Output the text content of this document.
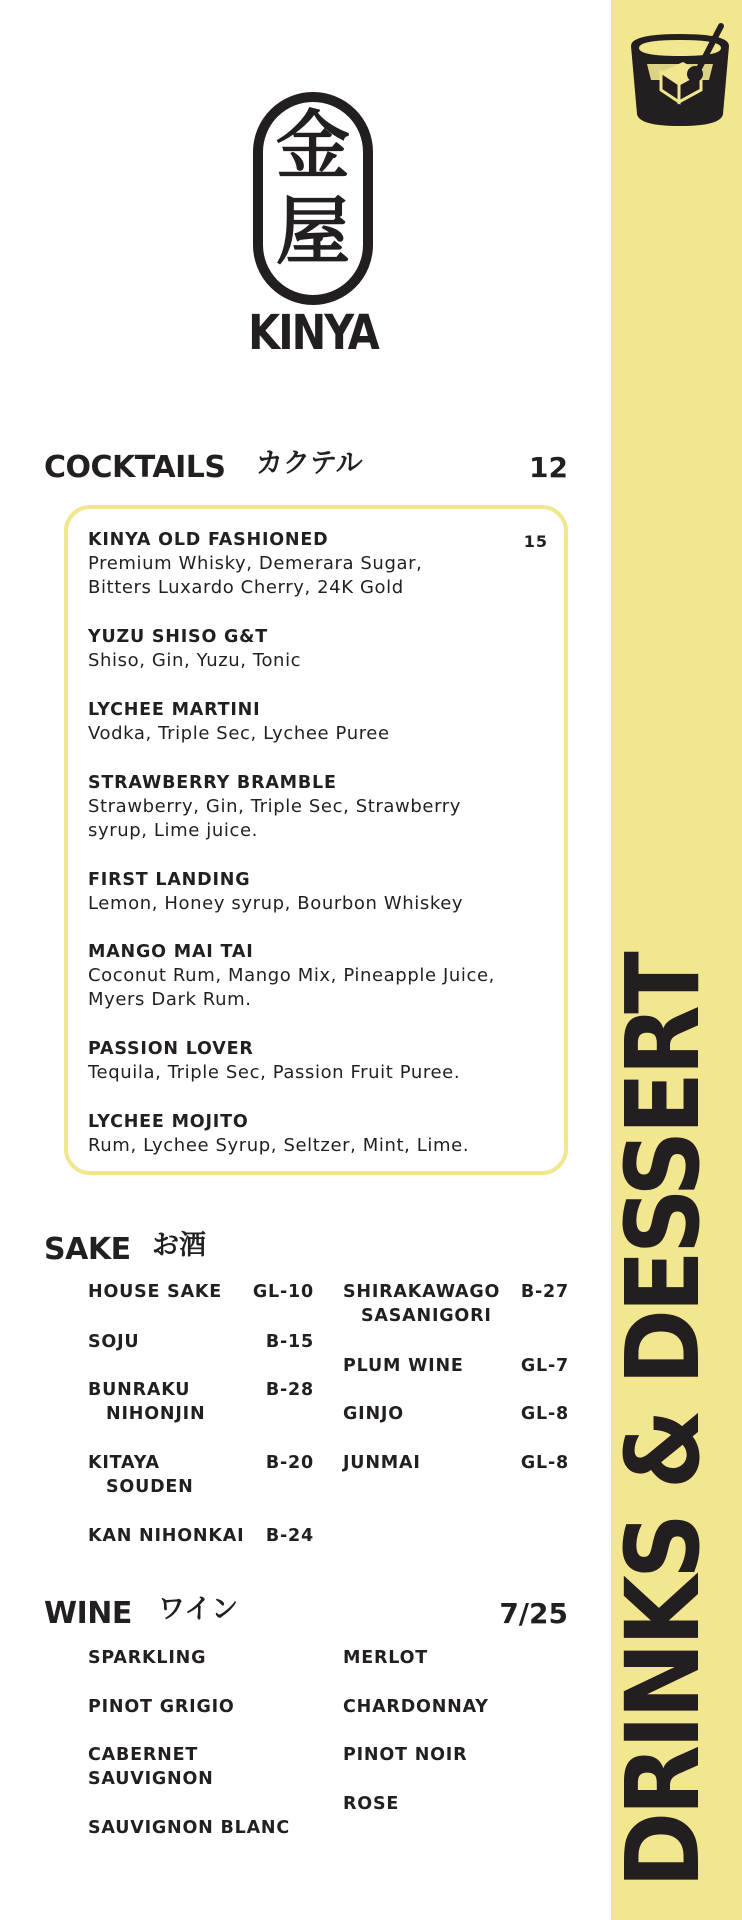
金
屋
KINYA
COCKTAILS カクテル	12
KINYA OLD FASHIONED
Premium Whisky, Demerara Sugar,
Bitters Luxardo Cherry, 24K Gold
15
YUZU SHISO G&T
Shiso, Gin, Yuzu, Tonic
LYCHEE MARTINI
Vodka, Triple Sec, Lychee Puree
STRAWBERRY BRAMBLE
Strawberry, Gin, Triple Sec, Strawberry
syrup, Lime juice.
FIRST LANDING
Lemon, Honey syrup, Bourbon Whiskey
MANGO MAI TAI
Coconut Rum, Mango Mix, Pineapple Juice,
Myers Dark Rum.
PASSION LOVER
Tequila, Triple Sec, Passion Fruit Puree.
LYCHEE MOJITO
Rum, Lychee Syrup, Seltzer, Mint, Lime.
SAKE お酒
HOUSE SAKE	GL-10
SOJU	B-15
BUNRAKU
NIHONJIN
B-28
KITAYA
SOUDEN
B-20
KAN NIHONKAI	B-24
SHIRAKAWAGO
SASANIGORI
B-27
PLUM WINE	GL-7
GINJO	GL-8
JUNMAI	GL-8
WINE ワイン	7/25
SPARKLING
PINOT GRIGIO
CABERNET
SAUVIGNON
SAUVIGNON BLANC
MERLOT
CHARDONNAY
PINOT NOIR
ROSE	DRINKS & DESSERT
